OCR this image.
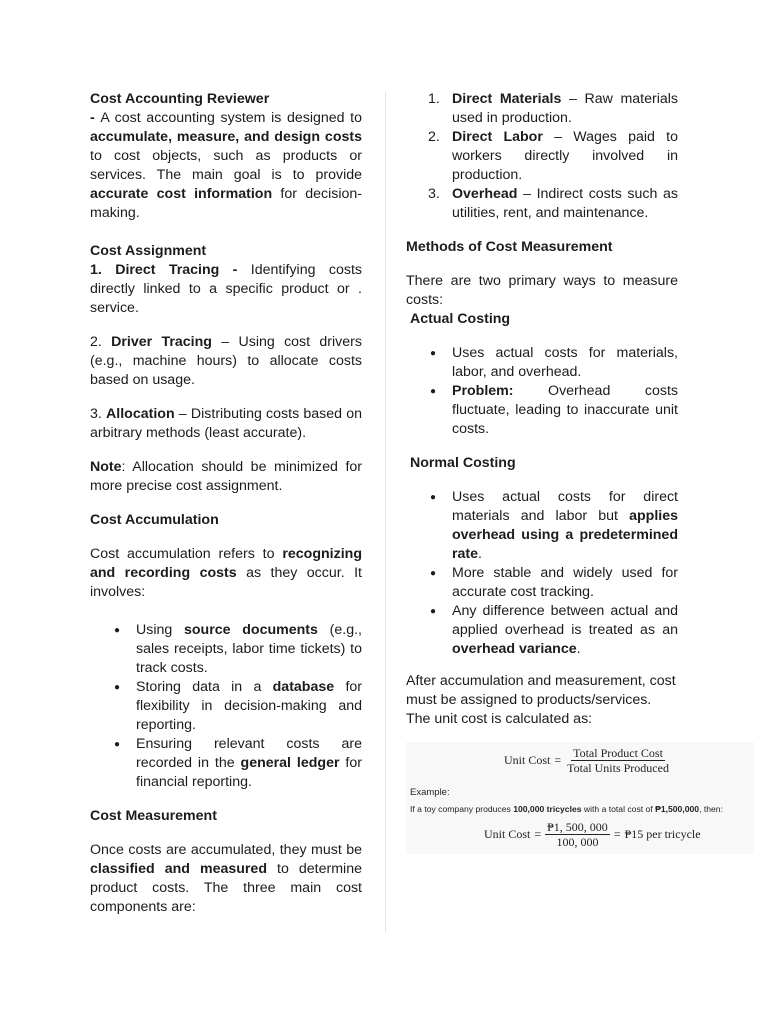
Cost Accounting Reviewer

- A cost accounting system is designed to accumulate, measure, and design costs to cost objects, such as products or services. The main goal is to provide accurate cost information for decision-making.

Cost Assignment

1. Direct Tracing - Identifying costs directly linked to a specific product or . service.

2. Driver Tracing – Using cost drivers (e.g., machine hours) to allocate costs based on usage.

3. Allocation – Distributing costs based on arbitrary methods (least accurate).

Note: Allocation should be minimized for more precise cost assignment.

Cost Accumulation

Cost accumulation refers to recognizing and recording costs as they occur. It involves:

● Using source documents (e.g., sales receipts, labor time tickets) to track costs.
● Storing data in a database for flexibility in decision-making and reporting.
● Ensuring relevant costs are recorded in the general ledger for financial reporting.

Cost Measurement

Once costs are accumulated, they must be classified and measured to determine product costs. The three main cost components are:

1. Direct Materials – Raw materials used in production.
2. Direct Labor – Wages paid to workers directly involved in production.
3. Overhead – Indirect costs such as utilities, rent, and maintenance.

Methods of Cost Measurement

There are two primary ways to measure costs:

Actual Costing

● Uses actual costs for materials, labor, and overhead.
● Problem: Overhead costs fluctuate, leading to inaccurate unit costs.

Normal Costing

● Uses actual costs for direct materials and labor but applies overhead using a predetermined rate.
● More stable and widely used for accurate cost tracking.
● Any difference between actual and applied overhead is treated as an overhead variance.

After accumulation and measurement, cost must be assigned to products/services. The unit cost is calculated as:

Unit Cost = $\frac{\text{Total Product Cost}}{\text{Total Units Produced}}$
Example:
If a toy company produces 100,000 tricycles with a total cost of ₱1,500,000, then:
Unit Cost = $\frac{₱1, 500, 000}{100, 000}$ = ₱15 per tricycle
